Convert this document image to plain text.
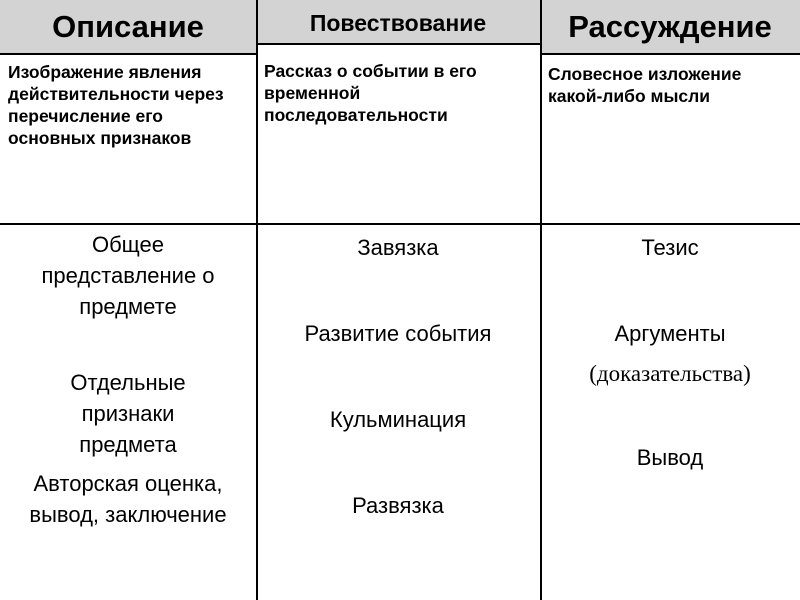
Описание
Изображение явления действительности через перечисление его основных признаков
Общее представление о предмете
Отдельные признаки предмета
Авторская оценка, вывод, заключение
Повествование
Рассказ о событии в его временной последовательности
Завязка
Развитие события
Кульминация
Развязка
Рассуждение
Словесное изложение какой-либо мысли
Тезис
Аргументы
(доказательства)
Вывод
